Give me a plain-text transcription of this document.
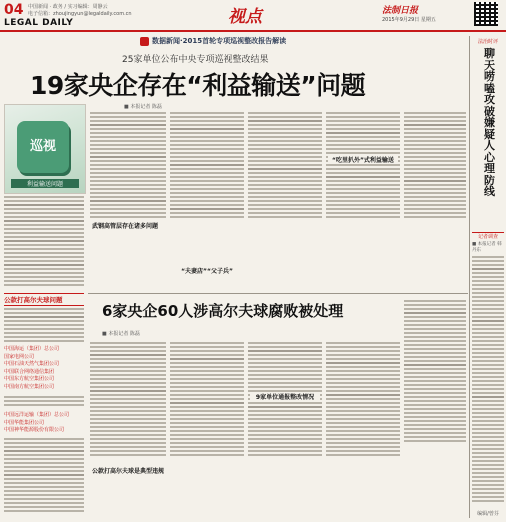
04 中国新闻 · 政务 / 实习编辑：周静云
电子信箱：zhoujingyun@legaldaily.com.cn
LEGAL DAILY	视点	法制日报
2015年9月29日 星期五
数据新闻·2015首轮专项巡视整改报告解读
25家单位公布中央专项巡视整改结果
19家央企存在“利益输送”问题
■ 本报记者 陈磊
巡视
利益输送问题
公款打高尔夫球问题
中国海运（集团）总公司
国家电网公司
中国石油天然气集团公司
中国联合网络通信集团
中国东方航空集团公司
中国南方航空集团公司
中国远洋运输（集团）总公司
中国华能集团公司
中国神华能源股份有限公司
武钢高管层存在诸多问题
“夫妻店”“父子兵”
“吃里扒外”式利益输送
6家央企60人涉高尔夫球腐败被处理
■ 本报记者 陈磊
公款打高尔夫球是典型违规
9家单位通报整改情况
法治时评
聊天唠嗑攻破嫌疑人心理防线
记者调查
■ 本报记者 韩丹东
编辑/曾芬
